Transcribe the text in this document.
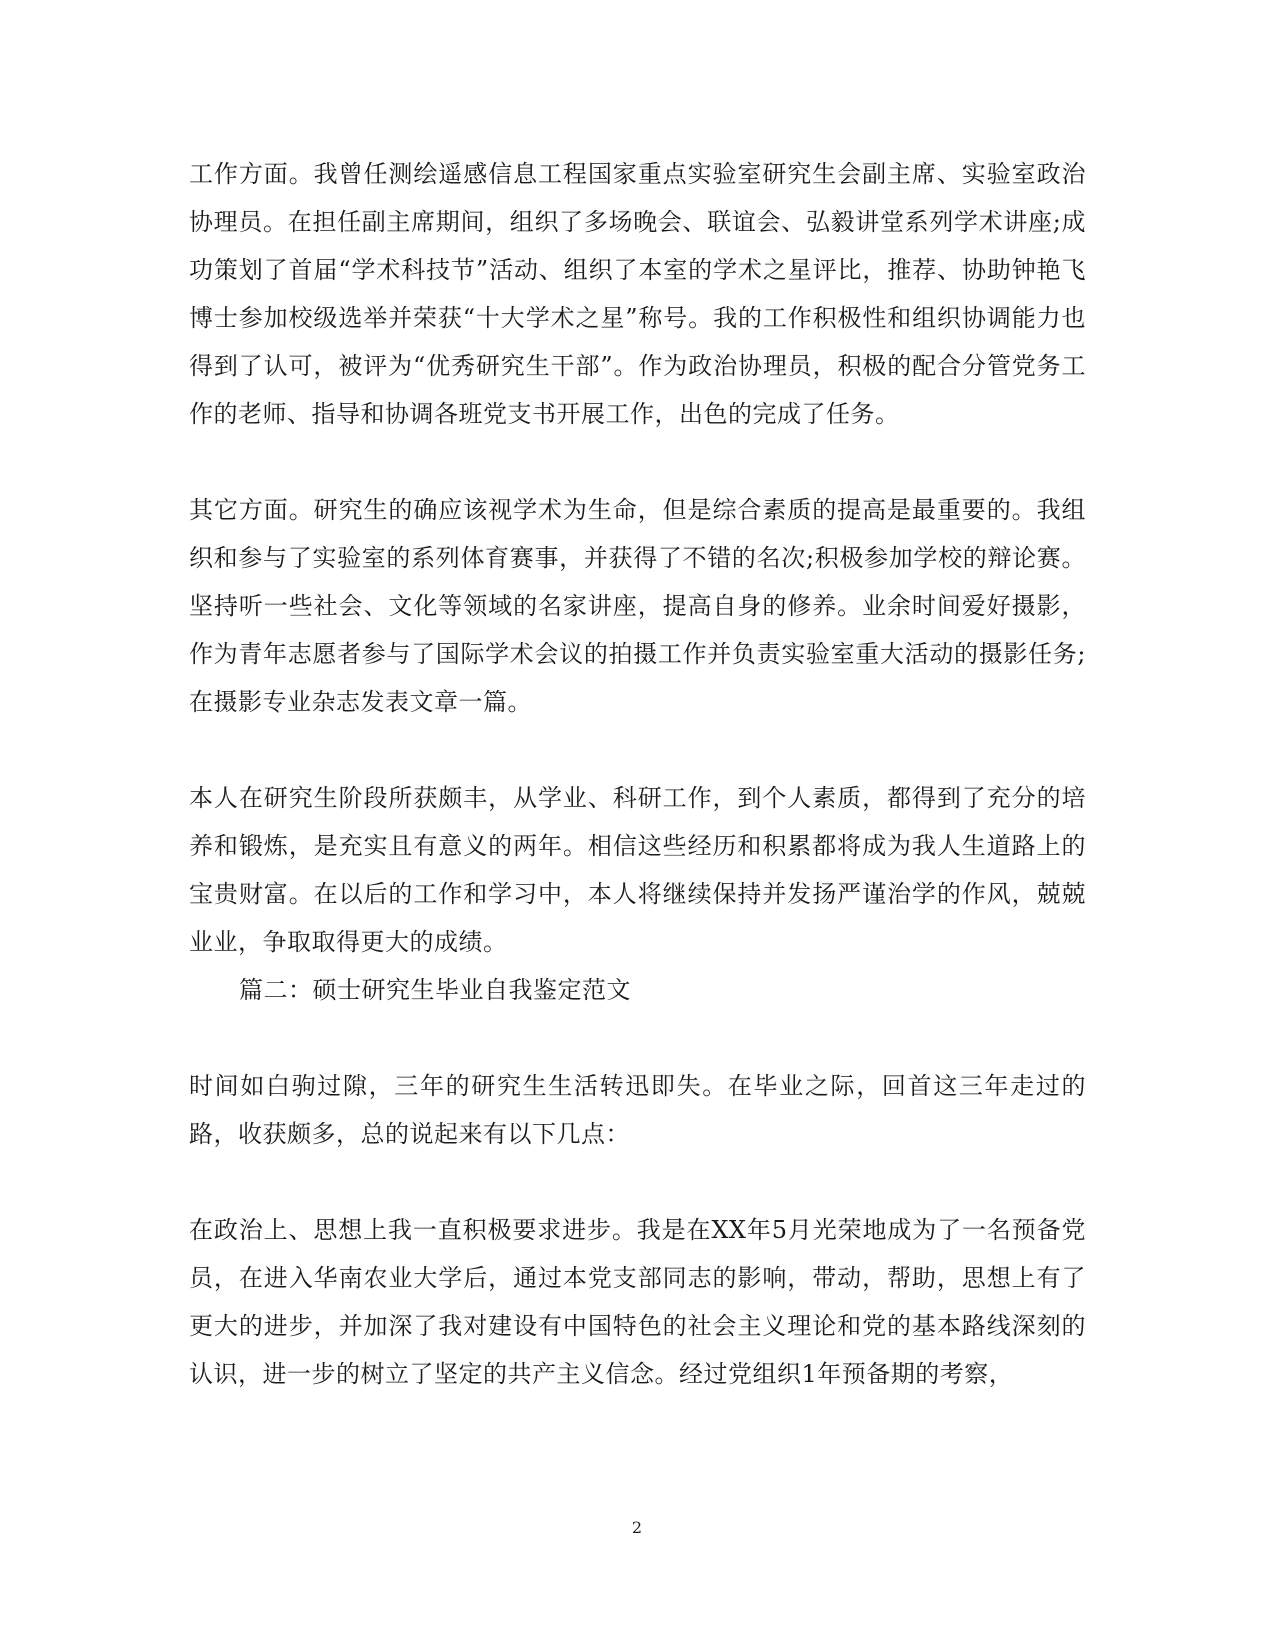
工作方面。我曾任测绘遥感信息工程国家重点实验室研究生会副主席、实验室政治协理员。在担任副主席期间，组织了多场晚会、联谊会、弘毅讲堂系列学术讲座;成功策划了首届“学术科技节”活动、组织了本室的学术之星评比，推荐、协助钟艳飞博士参加校级选举并荣获“十大学术之星”称号。我的工作积极性和组织协调能力也得到了认可，被评为“优秀研究生干部”。作为政治协理员，积极的配合分管党务工作的老师、指导和协调各班党支书开展工作，出色的完成了任务。

其它方面。研究生的确应该视学术为生命，但是综合素质的提高是最重要的。我组织和参与了实验室的系列体育赛事，并获得了不错的名次;积极参加学校的辩论赛。坚持听一些社会、文化等领域的名家讲座，提高自身的修养。业余时间爱好摄影，作为青年志愿者参与了国际学术会议的拍摄工作并负责实验室重大活动的摄影任务;在摄影专业杂志发表文章一篇。

本人在研究生阶段所获颇丰，从学业、科研工作，到个人素质，都得到了充分的培养和锻炼，是充实且有意义的两年。相信这些经历和积累都将成为我人生道路上的宝贵财富。在以后的工作和学习中，本人将继续保持并发扬严谨治学的作风，兢兢业业，争取取得更大的成绩。

篇二：硕士研究生毕业自我鉴定范文

时间如白驹过隙，三年的研究生生活转迅即失。在毕业之际，回首这三年走过的路，收获颇多，总的说起来有以下几点：

在政治上、思想上我一直积极要求进步。我是在XX年5月光荣地成为了一名预备党员，在进入华南农业大学后，通过本党支部同志的影响，带动，帮助，思想上有了更大的进步，并加深了我对建设有中国特色的社会主义理论和党的基本路线深刻的认识，进一步的树立了坚定的共产主义信念。经过党组织1年预备期的考察，

2
